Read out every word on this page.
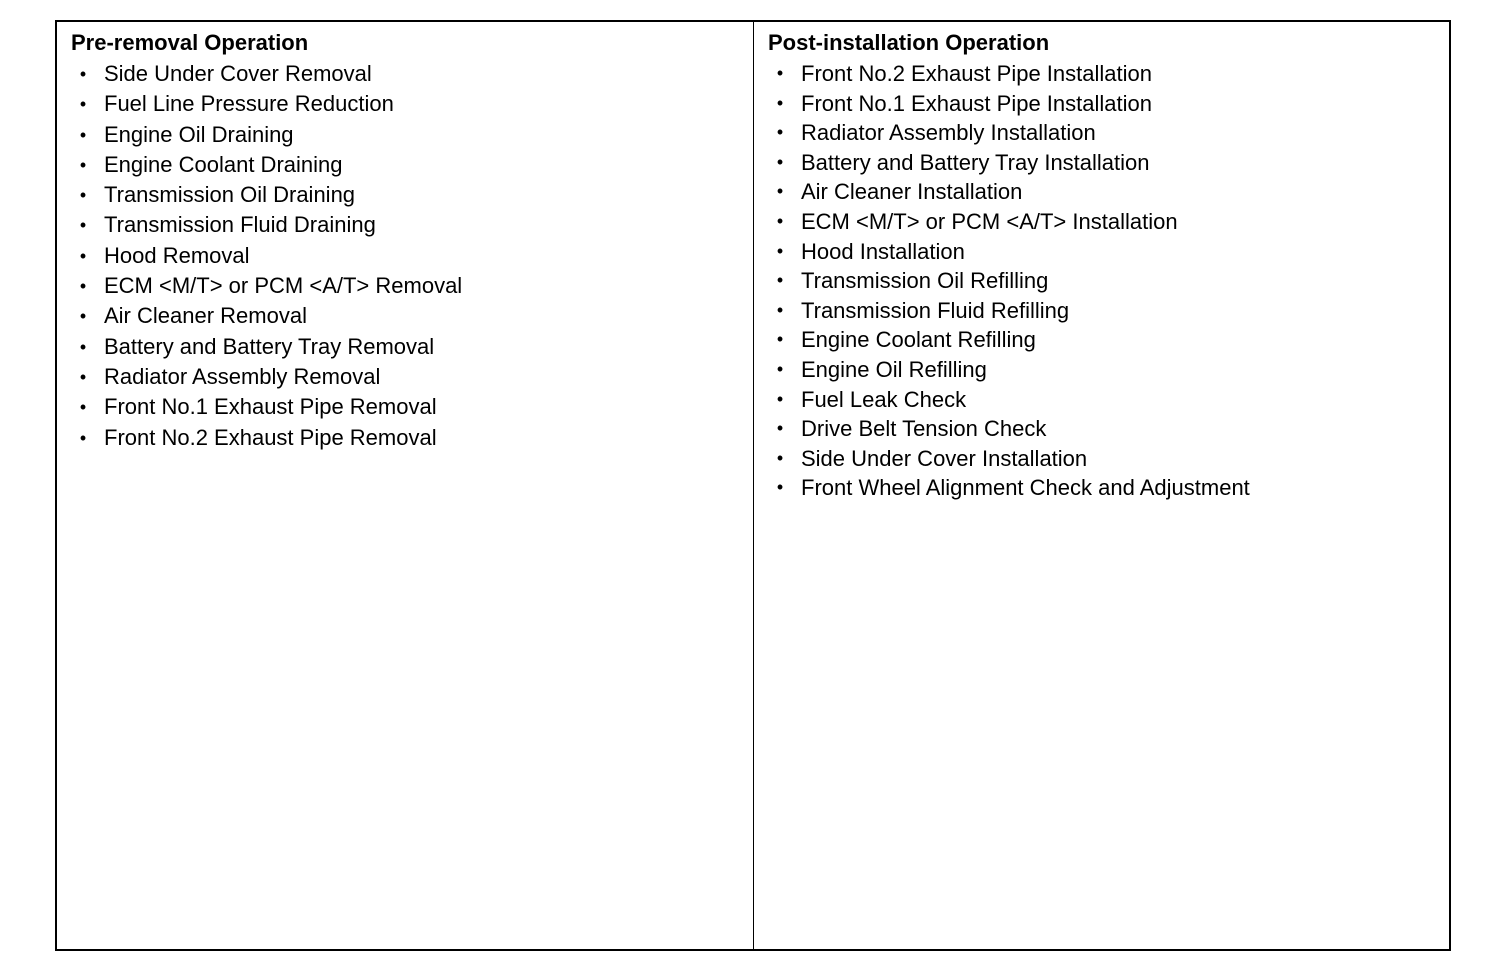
Pre-removal Operation
• Side Under Cover Removal
• Fuel Line Pressure Reduction
• Engine Oil Draining
• Engine Coolant Draining
• Transmission Oil Draining
• Transmission Fluid Draining
• Hood Removal
• ECM <M/T> or PCM <A/T> Removal
• Air Cleaner Removal
• Battery and Battery Tray Removal
• Radiator Assembly Removal
• Front No.1 Exhaust Pipe Removal
• Front No.2 Exhaust Pipe Removal
Post-installation Operation
• Front No.2 Exhaust Pipe Installation
• Front No.1 Exhaust Pipe Installation
• Radiator Assembly Installation
• Battery and Battery Tray Installation
• Air Cleaner Installation
• ECM <M/T> or PCM <A/T> Installation
• Hood Installation
• Transmission Oil Refilling
• Transmission Fluid Refilling
• Engine Coolant Refilling
• Engine Oil Refilling
• Fuel Leak Check
• Drive Belt Tension Check
• Side Under Cover Installation
• Front Wheel Alignment Check and Adjustment
